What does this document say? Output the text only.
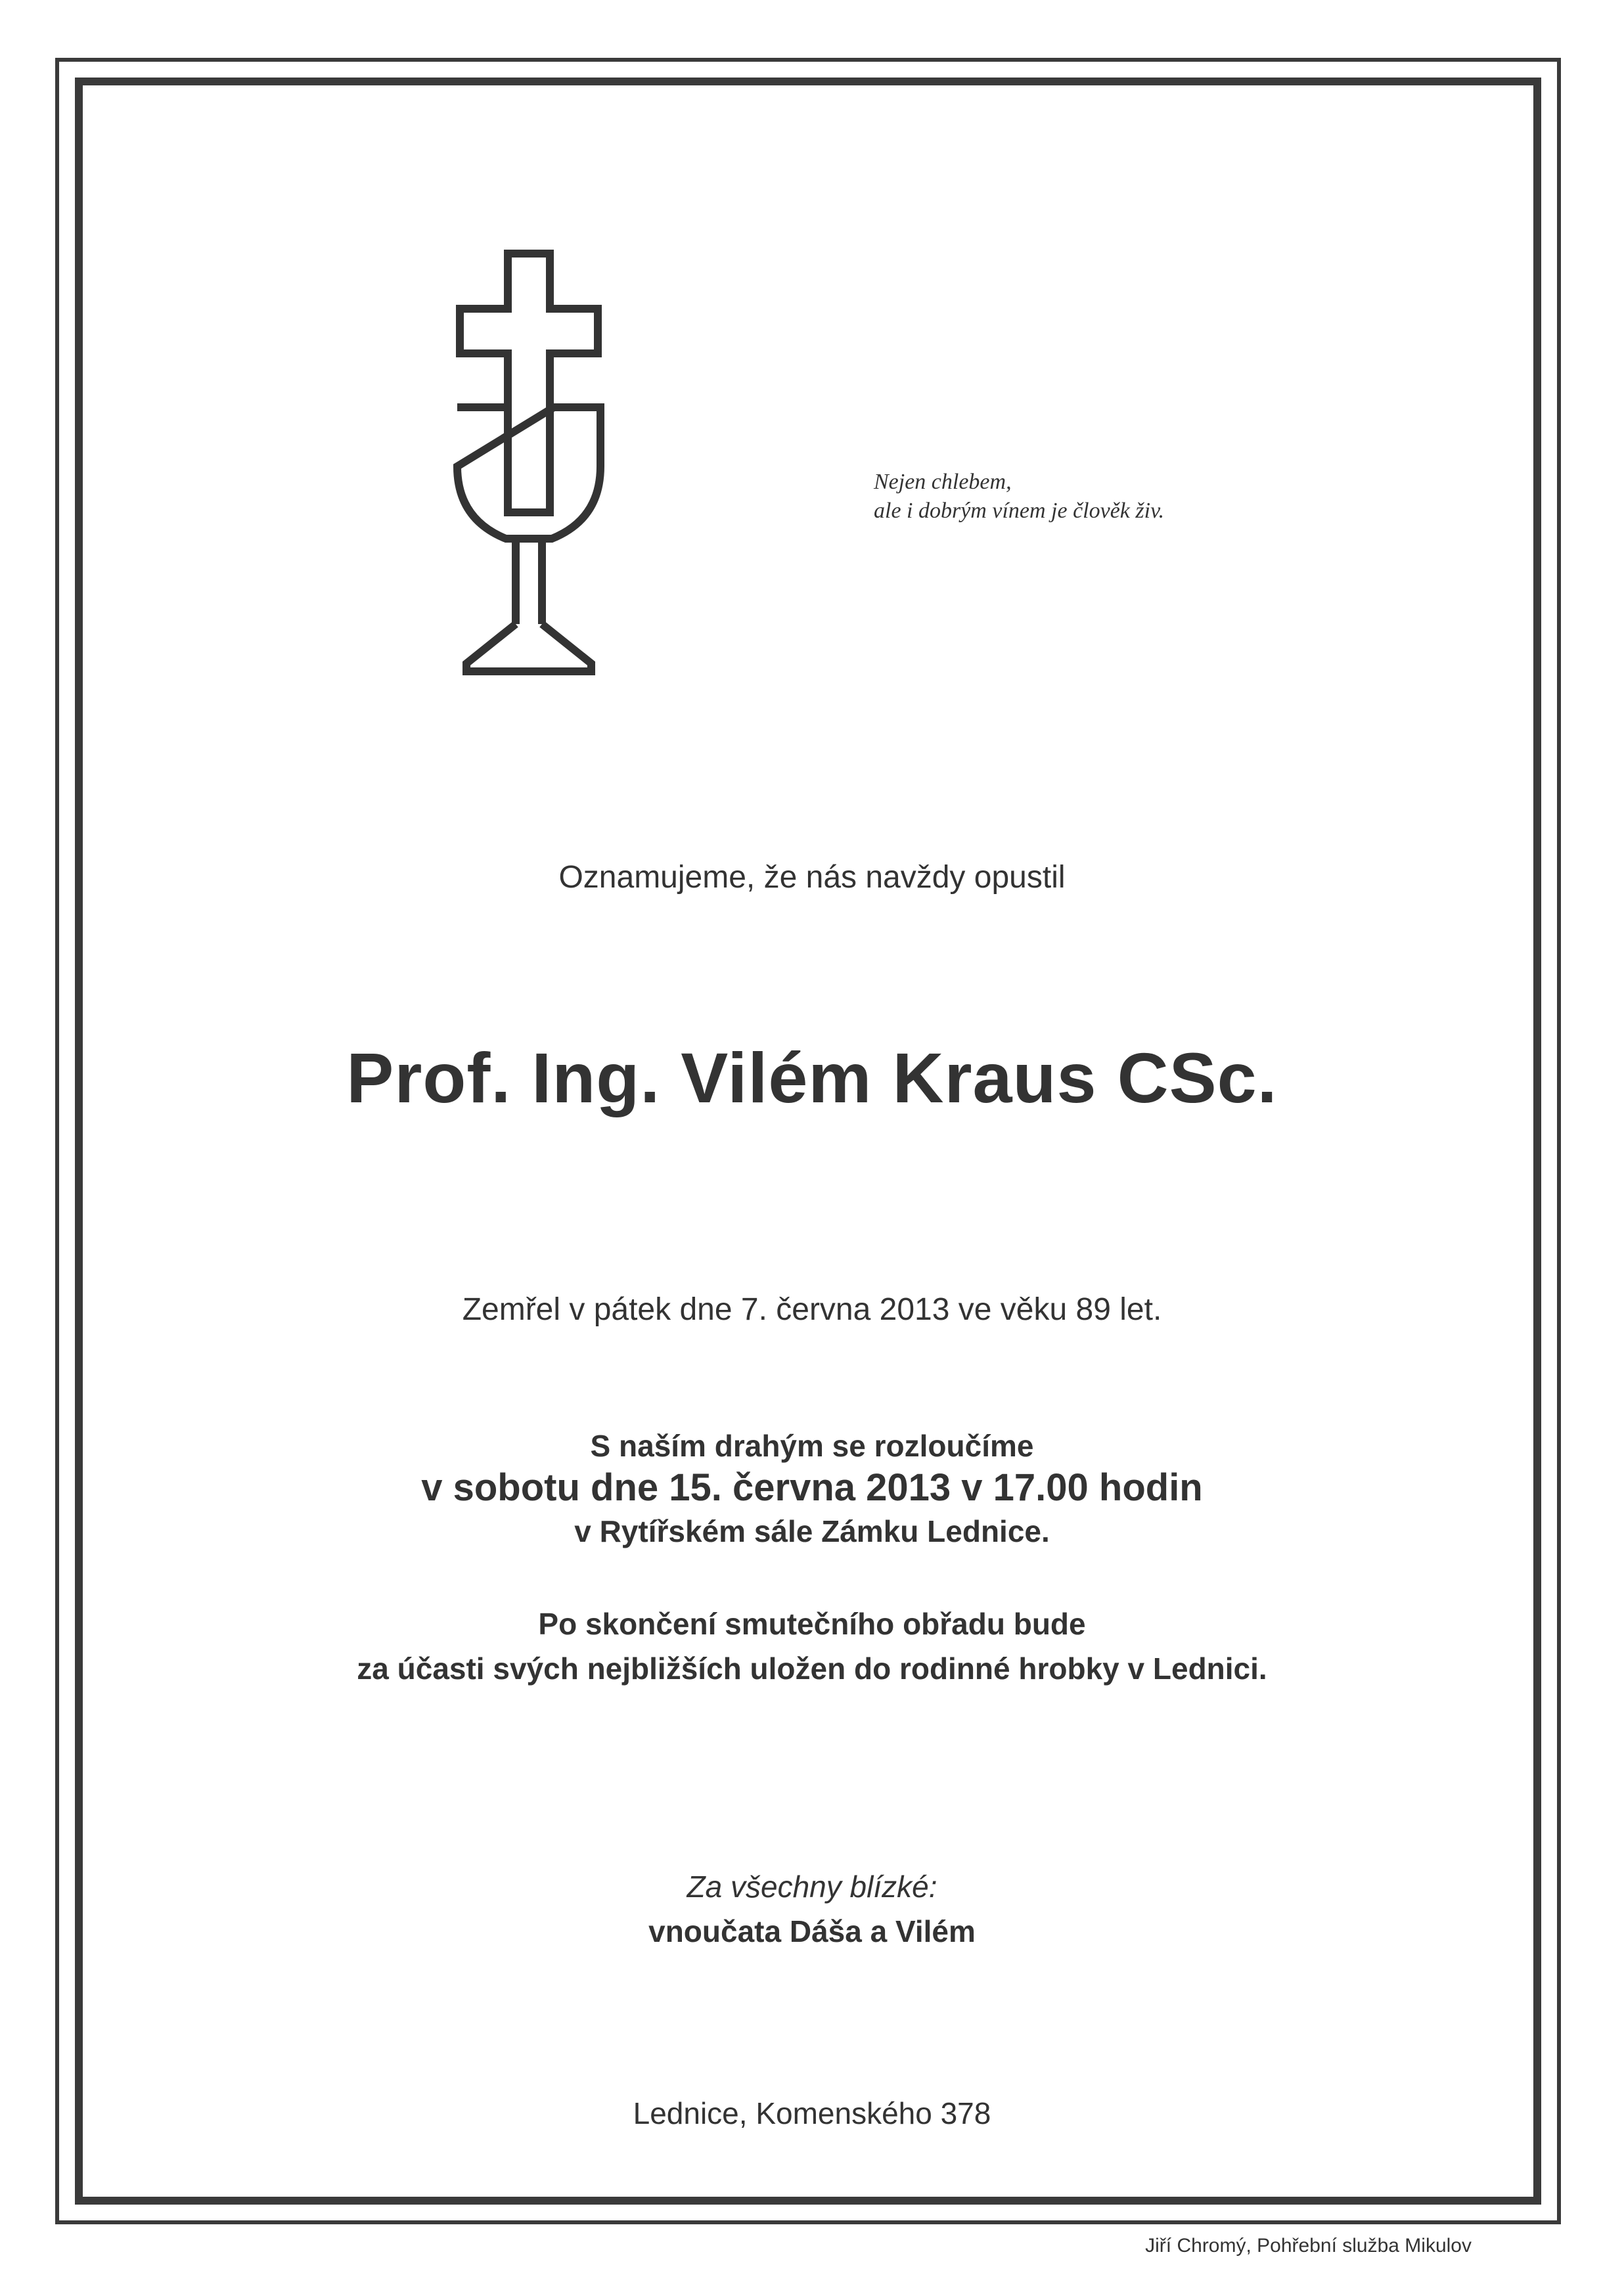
Nejen chlebem,
ale i dobrým vínem je člověk živ.
Oznamujeme, že nás navždy opustil
Prof. Ing. Vilém Kraus CSc.
Zemřel v pátek dne 7. června 2013 ve věku 89 let.
S naším drahým se rozloučíme
v sobotu dne 15. června 2013 v 17.00 hodin
v Rytířském sále Zámku Lednice.
Po skončení smutečního obřadu bude
za účasti svých nejbližších uložen do rodinné hrobky v Lednici.
Za všechny blízké:
vnoučata Dáša a Vilém
Lednice, Komenského 378
Jiří Chromý, Pohřební služba Mikulov
